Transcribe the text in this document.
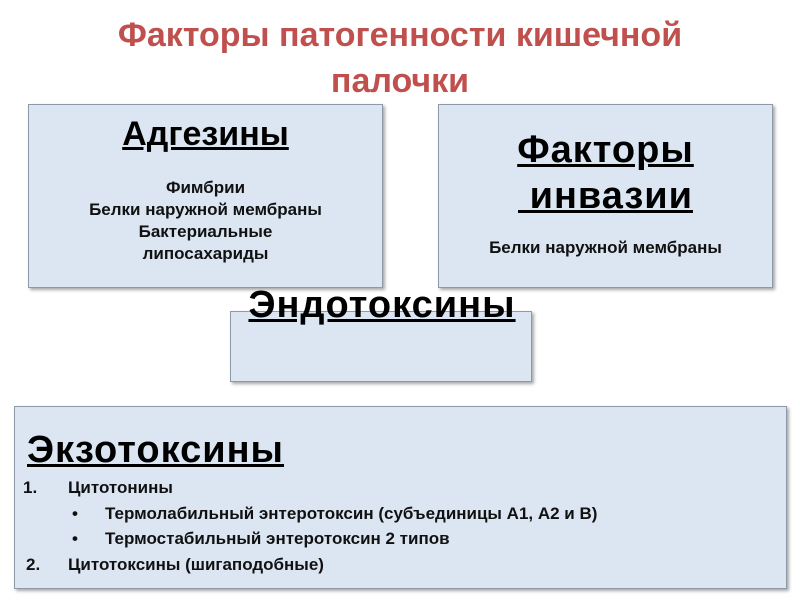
Факторы патогенности кишечной
палочки
Адгезины
Фимбрии
Белки наружной мембраны
Бактериальные
липосахариды
Факторы
инвазии
Белки наружной мембраны
Эндотоксины
Экзотоксины
1. Цитотонины
• Термолабильный энтеротоксин (субъединицы А1, А2 и В)
• Термостабильный энтеротоксин 2 типов
2. Цитотоксины (шигаподобные)
